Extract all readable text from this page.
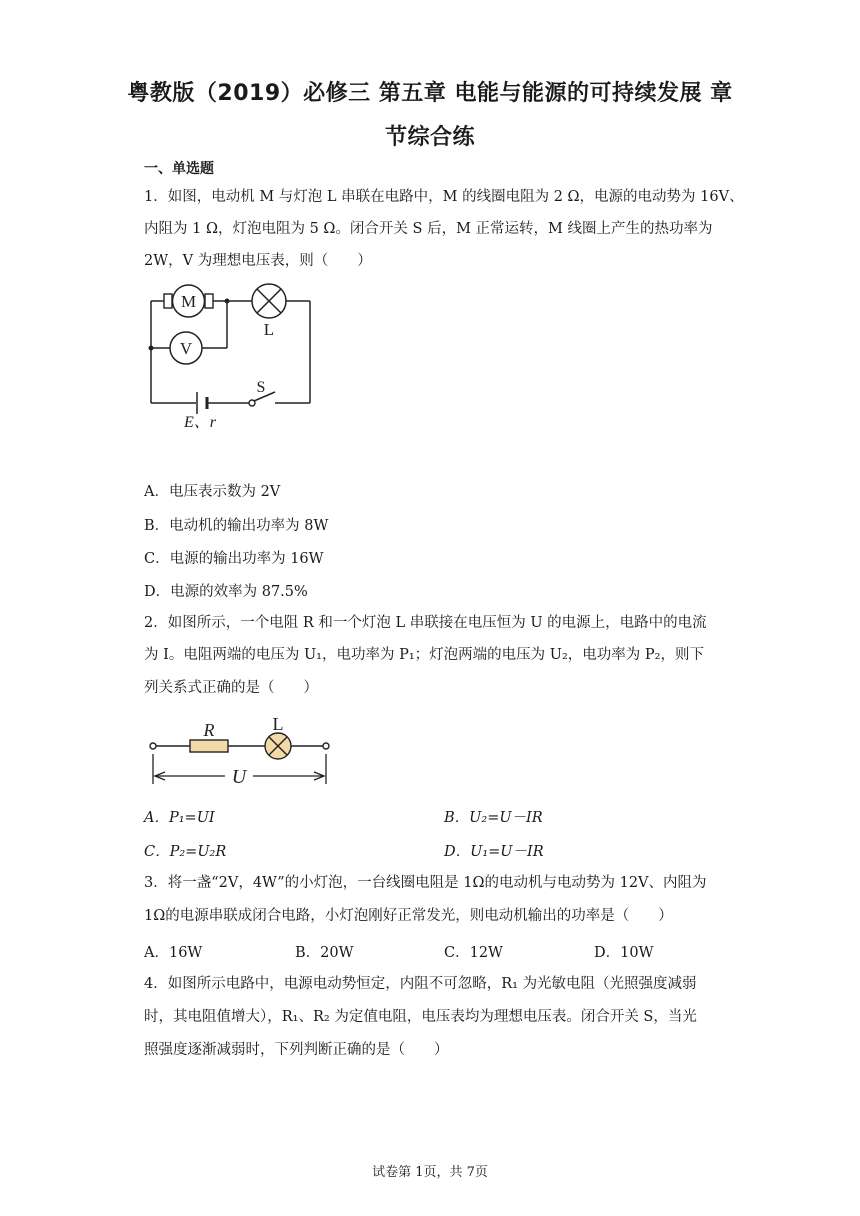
粤教版（2019）必修三 第五章 电能与能源的可持续发展 章
节综合练
一、单选题
1．如图，电动机 M 与灯泡 L 串联在电路中，M 的线圈电阻为 2 Ω，电源的电动势为 16V、
内阻为 1 Ω，灯泡电阻为 5 Ω。闭合开关 S 后，M 正常运转，M 线圈上产生的热功率为
2W，V 为理想电压表，则（　　）
M
V
L
E、r
S
A．电压表示数为 2V
B．电动机的输出功率为 8W
C．电源的输出功率为 16W
D．电源的效率为 87.5%
2．如图所示，一个电阻 R 和一个灯泡 L 串联接在电压恒为 U 的电源上，电路中的电流
为 I。电阻两端的电压为 U₁，电功率为 P₁；灯泡两端的电压为 U₂，电功率为 P₂，则下
列关系式正确的是（　　）
R	L
U
A．P₁=UI	B．U₂=U－IR
C．P₂=U₂R	D．U₁=U－IR
3．将一盏“2V，4W”的小灯泡，一台线圈电阻是 1Ω的电动机与电动势为 12V、内阻为
1Ω的电源串联成闭合电路，小灯泡刚好正常发光，则电动机输出的功率是（　　）
A．16W	B．20W	C．12W	D．10W
4．如图所示电路中，电源电动势恒定，内阻不可忽略，R₁ 为光敏电阻（光照强度减弱
时，其电阻值增大），R₁、R₂ 为定值电阻，电压表均为理想电压表。闭合开关 S，当光
照强度逐渐减弱时，下列判断正确的是（　　）
试卷第 1页，共 7页
